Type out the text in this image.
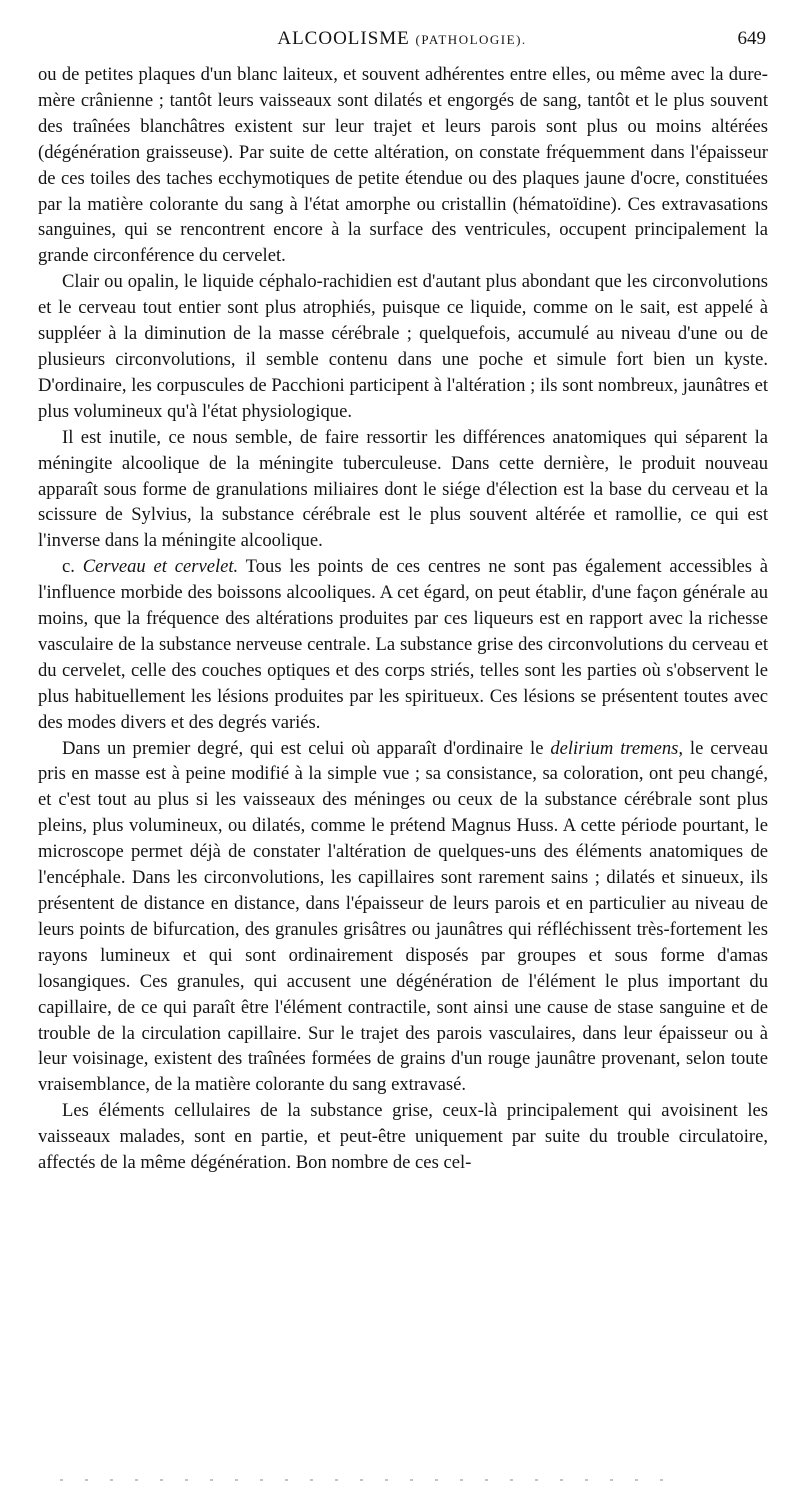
ALCOOLISME (PATHOLOGIE).	649

ou de petites plaques d'un blanc laiteux, et souvent adhérentes entre elles, ou même avec la dure-mère crânienne ; tantôt leurs vaisseaux sont dilatés et engorgés de sang, tantôt et le plus souvent des traînées blanchâtres existent sur leur trajet et leurs parois sont plus ou moins altérées (dégénération graisseuse). Par suite de cette altération, on constate fréquemment dans l'épaisseur de ces toiles des taches ecchymotiques de petite étendue ou des plaques jaune d'ocre, constituées par la matière colorante du sang à l'état amorphe ou cristallin (hématoïdine). Ces extravasations sanguines, qui se rencontrent encore à la surface des ventricules, occupent principalement la grande circonférence du cervelet.

Clair ou opalin, le liquide céphalo-rachidien est d'autant plus abondant que les circonvolutions et le cerveau tout entier sont plus atrophiés, puisque ce liquide, comme on le sait, est appelé à suppléer à la diminution de la masse cérébrale ; quelquefois, accumulé au niveau d'une ou de plusieurs circonvolutions, il semble contenu dans une poche et simule fort bien un kyste. D'ordinaire, les corpuscules de Pacchioni participent à l'altération ; ils sont nombreux, jaunâtres et plus volumineux qu'à l'état physiologique.

Il est inutile, ce nous semble, de faire ressortir les différences anatomiques qui séparent la méningite alcoolique de la méningite tuberculeuse. Dans cette dernière, le produit nouveau apparaît sous forme de granulations miliaires dont le siége d'élection est la base du cerveau et la scissure de Sylvius, la substance cérébrale est le plus souvent altérée et ramollie, ce qui est l'inverse dans la méningite alcoolique.

c. Cerveau et cervelet. Tous les points de ces centres ne sont pas également accessibles à l'influence morbide des boissons alcooliques. A cet égard, on peut établir, d'une façon générale au moins, que la fréquence des altérations produites par ces liqueurs est en rapport avec la richesse vasculaire de la substance nerveuse centrale. La substance grise des circonvolutions du cerveau et du cervelet, celle des couches optiques et des corps striés, telles sont les parties où s'observent le plus habituellement les lésions produites par les spiritueux. Ces lésions se présentent toutes avec des modes divers et des degrés variés.

Dans un premier degré, qui est celui où apparaît d'ordinaire le delirium tremens, le cerveau pris en masse est à peine modifié à la simple vue ; sa consistance, sa coloration, ont peu changé, et c'est tout au plus si les vaisseaux des méninges ou ceux de la substance cérébrale sont plus pleins, plus volumineux, ou dilatés, comme le prétend Magnus Huss. A cette période pourtant, le microscope permet déjà de constater l'altération de quelques-uns des éléments anatomiques de l'encéphale. Dans les circonvolutions, les capillaires sont rarement sains ; dilatés et sinueux, ils présentent de distance en distance, dans l'épaisseur de leurs parois et en particulier au niveau de leurs points de bifurcation, des granules grisâtres ou jaunâtres qui réfléchissent très-fortement les rayons lumineux et qui sont ordinairement disposés par groupes et sous forme d'amas losangiques. Ces granules, qui accusent une dégénération de l'élément le plus important du capillaire, de ce qui paraît être l'élément contractile, sont ainsi une cause de stase sanguine et de trouble de la circulation capillaire. Sur le trajet des parois vasculaires, dans leur épaisseur ou à leur voisinage, existent des traînées formées de grains d'un rouge jaunâtre provenant, selon toute vraisemblance, de la matière colorante du sang extravasé.

Les éléments cellulaires de la substance grise, ceux-là principalement qui avoisinent les vaisseaux malades, sont en partie, et peut-être uniquement par suite du trouble circulatoire, affectés de la même dégénération. Bon nombre de ces cel-
